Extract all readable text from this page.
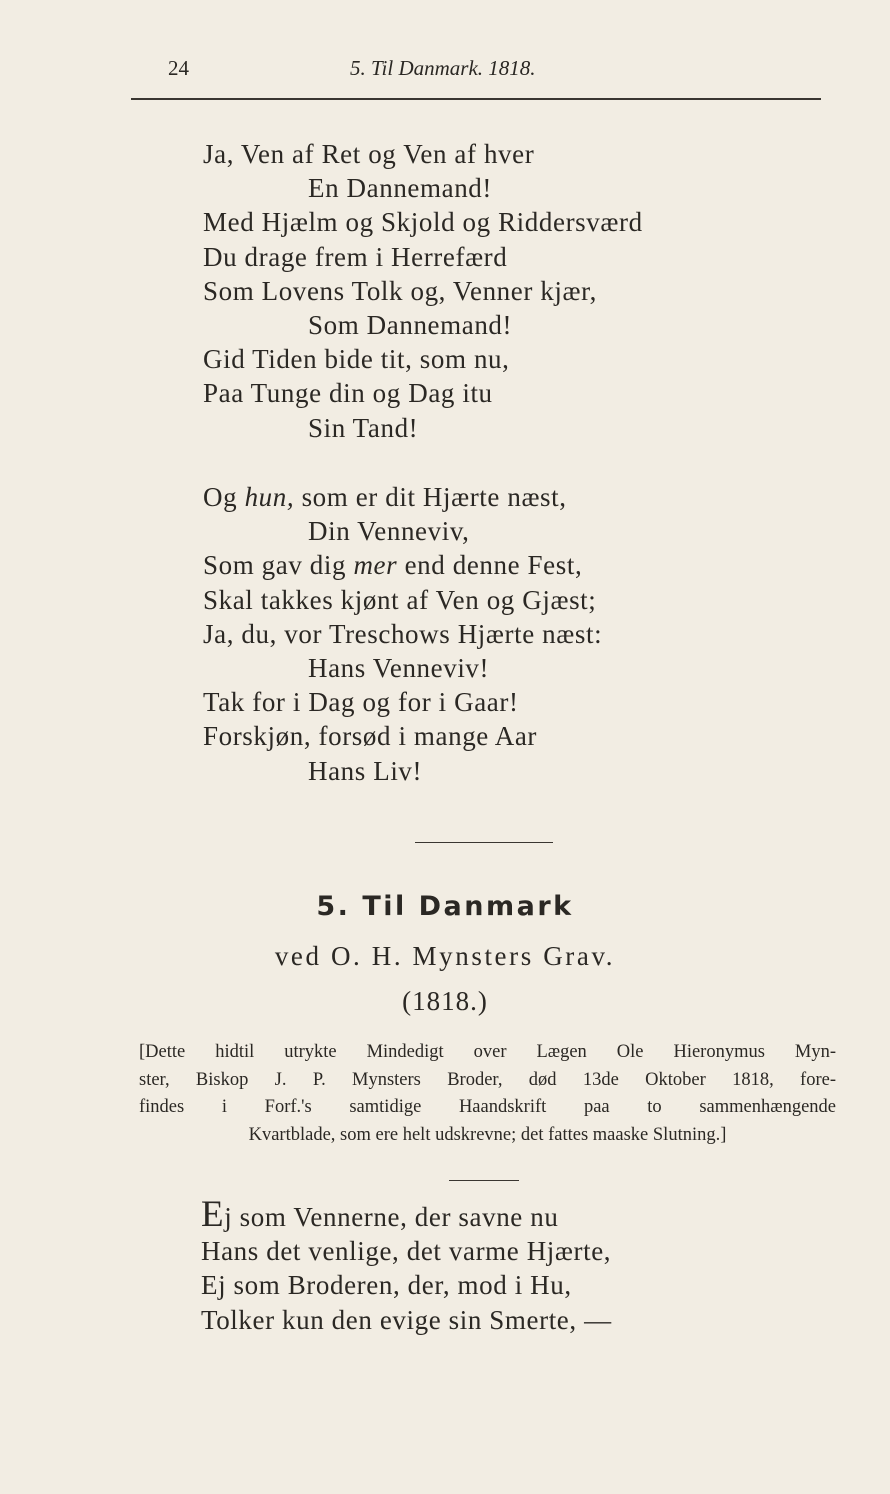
24	5. Til Danmark. 1818.
Ja, Ven af Ret og Ven af hver
En Dannemand!
Med Hjælm og Skjold og Riddersværd
Du drage frem i Herrefærd
Som Lovens Tolk og, Venner kjær,
Som Dannemand!
Gid Tiden bide tit, som nu,
Paa Tunge din og Dag itu
Sin Tand!
Og hun, som er dit Hjærte næst,
Din Venneviv,
Som gav dig mer end denne Fest,
Skal takkes kjønt af Ven og Gjæst;
Ja, du, vor Treschows Hjærte næst:
Hans Venneviv!
Tak for i Dag og for i Gaar!
Forskjøn, forsød i mange Aar
Hans Liv!
5. Til Danmark
ved O. H. Mynsters Grav.
(1818.)
[Dette hidtil utrykte Mindedigt over Lægen Ole Hieronymus Myn-
ster, Biskop J. P. Mynsters Broder, død 13de Oktober 1818, fore-
findes i Forf.'s samtidige Haandskrift paa to sammenhængende
Kvartblade, som ere helt udskrevne; det fattes maaske Slutning.]
Ej som Vennerne, der savne nu
Hans det venlige, det varme Hjærte,
Ej som Broderen, der, mod i Hu,
Tolker kun den evige sin Smerte, —
